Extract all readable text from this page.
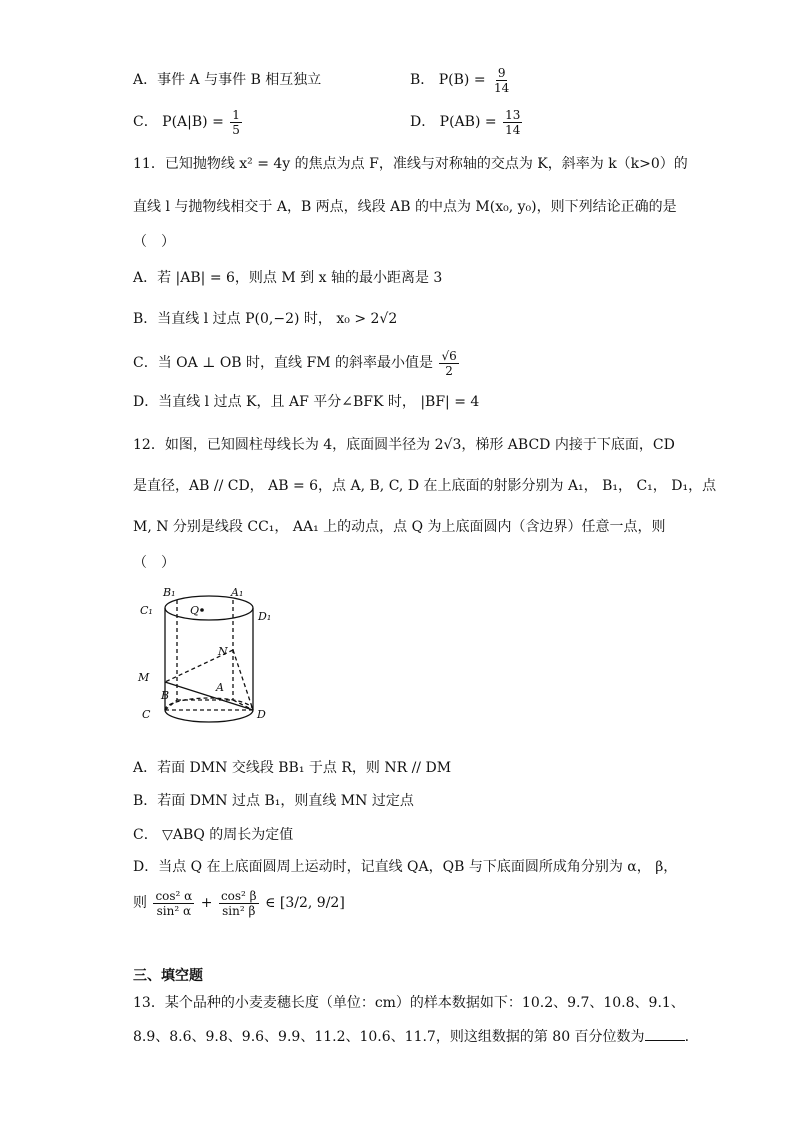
A．事件 A 与事件 B 相互独立	B． $P(B) = \frac{9}{14}$
C． $P(A|B) = \frac{1}{5}$	D． $P(AB) = \frac{13}{14}$
11．已知抛物线 x² = 4y 的焦点为点 F，准线与对称轴的交点为 K，斜率为 k（k>0）的
直线 l 与抛物线相交于 A，B 两点，线段 AB 的中点为 M(x₀, y₀)，则下列结论正确的是
（　）
A．若 |AB| = 6，则点 M 到 x 轴的最小距离是 3
B．当直线 l 过点 P(0,−2) 时， x₀ > 2√2
C．当 OA ⊥ OB 时，直线 FM 的斜率最小值是 $\frac{√6}{2}$
D．当直线 l 过点 K，且 AF 平分∠BFK 时， |BF| = 4
12．如图，已知圆柱母线长为 4，底面圆半径为 2√3，梯形 ABCD 内接于下底面，CD
是直径，AB // CD， AB = 6，点 A, B, C, D 在上底面的射影分别为 A₁， B₁， C₁， D₁，点
M, N 分别是线段 CC₁， AA₁ 上的动点，点 Q 为上底面圆内（含边界）任意一点，则
（　）
B₁	A₁
C₁	D₁
Q
N
M
B
A
C	D
A．若面 DMN 交线段 BB₁ 于点 R，则 NR // DM
B．若面 DMN 过点 B₁，则直线 MN 过定点
C． ▽ABQ 的周长为定值
D．当点 Q 在上底面圆周上运动时，记直线 QA，QB 与下底面圆所成角分别为 α， β，
则 $\frac{\text{cos² α}}{\text{sin² α}} + \frac{\text{cos² β}}{\text{sin² β}}$ ∈ [3/2, 9/2]
三、填空题
13．某个品种的小麦麦穗长度（单位：cm）的样本数据如下：10.2、9.7、10.8、9.1、
8.9、8.6、9.8、9.6、9.9、11.2、10.6、11.7，则这组数据的第 80 百分位数为	.
